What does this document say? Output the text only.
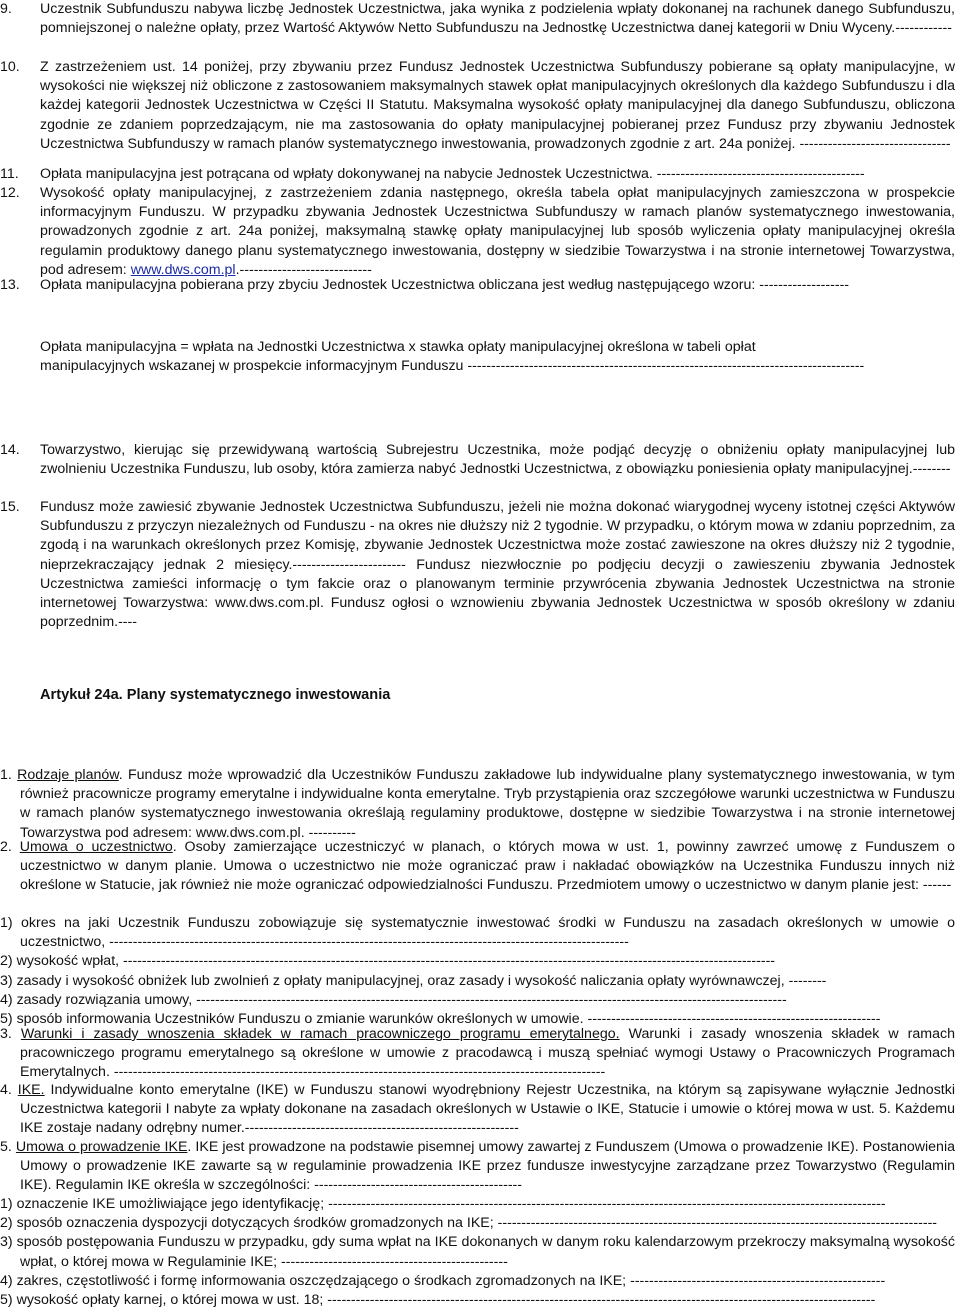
9.	Uczestnik Subfunduszu nabywa liczbę Jednostek Uczestnictwa, jaka wynika z podzielenia wpłaty dokonanej na rachunek danego Subfunduszu, pomniejszonej o należne opłaty, przez Wartość Aktywów Netto Subfunduszu na Jednostkę Uczestnictwa danej kategorii w Dniu Wyceny.------------
10.	Z zastrzeżeniem ust. 14 poniżej, przy zbywaniu przez Fundusz Jednostek Uczestnictwa Subfunduszy pobierane są opłaty manipulacyjne, w wysokości nie większej niż obliczone z zastosowaniem maksymalnych stawek opłat manipulacyjnych określonych dla każdego Subfunduszu i dla każdej kategorii Jednostek Uczestnictwa w Części II Statutu. Maksymalna wysokość opłaty manipulacyjnej dla danego Subfunduszu, obliczona zgodnie ze zdaniem poprzedzającym, nie ma zastosowania do opłaty manipulacyjnej pobieranej przez Fundusz przy zbywaniu Jednostek Uczestnictwa Subfunduszy w ramach planów systematycznego inwestowania, prowadzonych zgodnie z art. 24a poniżej. --------------------------------
11.	Opłata manipulacyjna jest potrącana od wpłaty dokonywanej na nabycie Jednostek Uczestnictwa. --------------------------------------------
12.	Wysokość opłaty manipulacyjnej, z zastrzeżeniem zdania następnego, określa tabela opłat manipulacyjnych zamieszczona w prospekcie informacyjnym Funduszu. W przypadku zbywania Jednostek Uczestnictwa Subfunduszy w ramach planów systematycznego inwestowania, prowadzonych zgodnie z art. 24a poniżej, maksymalną stawkę opłaty manipulacyjnej lub sposób wyliczenia opłaty manipulacyjnej określa regulamin produktowy danego planu systematycznego inwestowania, dostępny w siedzibie Towarzystwa i na stronie internetowej Towarzystwa, pod adresem: www.dws.com.pl.----------------------------
13.	Opłata manipulacyjna pobierana przy zbyciu Jednostek Uczestnictwa obliczana jest według następującego wzoru: -------------------
Opłata manipulacyjna = wpłata na Jednostki Uczestnictwa x stawka opłaty manipulacyjnej określona w tabeli opłat
manipulacyjnych wskazanej w prospekcie informacyjnym Funduszu ------------------------------------------------------------------------------------
14.	Towarzystwo, kierując się przewidywaną wartością Subrejestru Uczestnika, może podjąć decyzję o obniżeniu opłaty manipulacyjnej lub zwolnieniu Uczestnika Funduszu, lub osoby, która zamierza nabyć Jednostki Uczestnictwa, z obowiązku poniesienia opłaty manipulacyjnej.--------
15.	Fundusz może zawiesić zbywanie Jednostek Uczestnictwa Subfunduszu, jeżeli nie można dokonać wiarygodnej wyceny istotnej części Aktywów Subfunduszu z przyczyn niezależnych od Funduszu - na okres nie dłuższy niż 2 tygodnie. W przypadku, o którym mowa w zdaniu poprzednim, za zgodą i na warunkach określonych przez Komisję, zbywanie Jednostek Uczestnictwa może zostać zawieszone na okres dłuższy niż 2 tygodnie, nieprzekraczający jednak 2 miesięcy.------------------------ Fundusz niezwłocznie po podjęciu decyzji o zawieszeniu zbywania Jednostek Uczestnictwa zamieści informację o tym fakcie oraz o planowanym terminie przywrócenia zbywania Jednostek Uczestnictwa na stronie internetowej Towarzystwa: www.dws.com.pl. Fundusz ogłosi o wznowieniu zbywania Jednostek Uczestnictwa w sposób określony w zdaniu poprzednim.----
Artykuł 24a. Plany systematycznego inwestowania
1. Rodzaje planów. Fundusz może wprowadzić dla Uczestników Funduszu zakładowe lub indywidualne plany systematycznego inwestowania, w tym również pracownicze programy emerytalne i indywidualne konta emerytalne. Tryb przystąpienia oraz szczegółowe warunki uczestnictwa w Funduszu w ramach planów systematycznego inwestowania określają regulaminy produktowe, dostępne w siedzibie Towarzystwa i na stronie internetowej Towarzystwa pod adresem: www.dws.com.pl. ----------
2. Umowa o uczestnictwo. Osoby zamierzające uczestniczyć w planach, o których mowa w ust. 1, powinny zawrzeć umowę z Funduszem o uczestnictwo w danym planie. Umowa o uczestnictwo nie może ograniczać praw i nakładać obowiązków na Uczestnika Funduszu innych niż określone w Statucie, jak również nie może ograniczać odpowiedzialności Funduszu. Przedmiotem umowy o uczestnictwo w danym planie jest: ------
1) okres na jaki Uczestnik Funduszu zobowiązuje się systematycznie inwestować środki w Funduszu na zasadach określonych w umowie o uczestnictwo, --------------------------------------------------------------------------------------------------------------
2) wysokość wpłat, ------------------------------------------------------------------------------------------------------------------------------------------
3) zasady i wysokość obniżek lub zwolnień z opłaty manipulacyjnej, oraz zasady i wysokość naliczania opłaty wyrównawczej, --------
4) zasady rozwiązania umowy, -----------------------------------------------------------------------------------------------------------------------------
5) sposób informowania Uczestników Funduszu o zmianie warunków określonych w umowie. --------------------------------------------------------------
3. Warunki i zasady wnoszenia składek w ramach pracowniczego programu emerytalnego. Warunki i zasady wnoszenia składek w ramach pracowniczego programu emerytalnego są określone w umowie z pracodawcą i muszą spełniać wymogi Ustawy o Pracowniczych Programach Emerytalnych. --------------------------------------------------------------------------------------------------------
4. IKE. Indywidualne konto emerytalne (IKE) w Funduszu stanowi wyodrębniony Rejestr Uczestnika, na którym są zapisywane wyłącznie Jednostki Uczestnictwa kategorii I nabyte za wpłaty dokonane na zasadach określonych w Ustawie o IKE, Statucie i umowie o której mowa w ust. 5. Każdemu IKE zostaje nadany odrębny numer.----------------------------------------------------------
5. Umowa o prowadzenie IKE. IKE jest prowadzone na podstawie pisemnej umowy zawartej z Funduszem (Umowa o prowadzenie IKE). Postanowienia Umowy o prowadzenie IKE zawarte są w regulaminie prowadzenia IKE przez fundusze inwestycyjne zarządzane przez Towarzystwo (Regulamin IKE). Regulamin IKE określa w szczególności: --------------------------------------------
1) oznaczenie IKE umożliwiające jego identyfikację; ----------------------------------------------------------------------------------------------------------------------
2) sposób oznaczenia dyspozycji dotyczących środków gromadzonych na IKE; ---------------------------------------------------------------------------------------------
3) sposób postępowania Funduszu w przypadku, gdy suma wpłat na IKE dokonanych w danym roku kalendarzowym przekroczy maksymalną wysokość wpłat, o której mowa w Regulaminie IKE; ------------------------------------------------
4) zakres, częstotliwość i formę informowania oszczędzającego o środkach zgromadzonych na IKE; ------------------------------------------------------
5) wysokość opłaty karnej, o której mowa w ust. 18; --------------------------------------------------------------------------------------------------------------------
